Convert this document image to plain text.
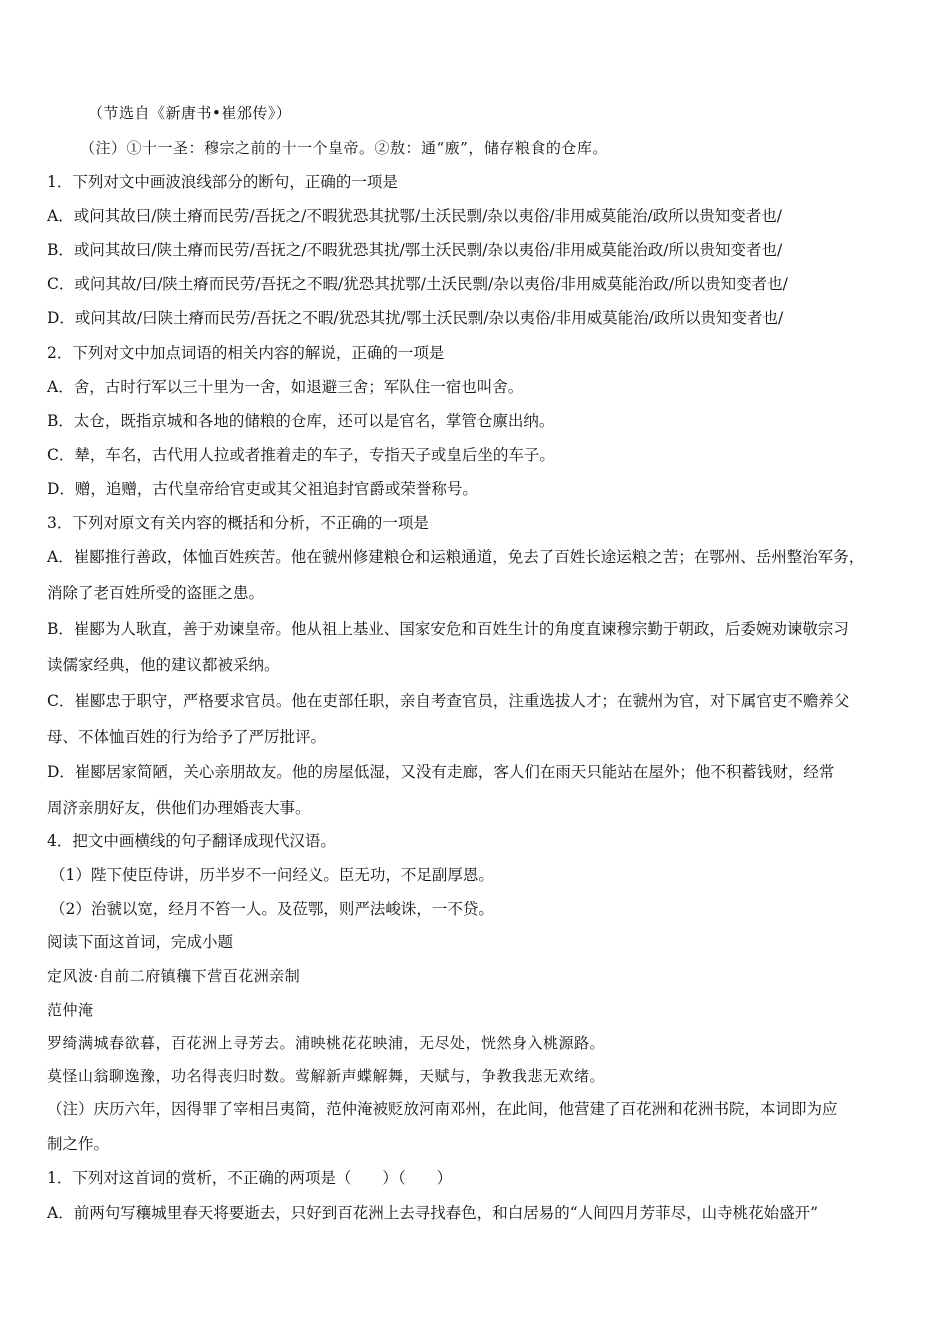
（节选自《新唐书•崔邠传》）
（注）①十一圣：穆宗之前的十一个皇帝。②敖：通“廒”，储存粮食的仓库。
1．下列对文中画波浪线部分的断句，正确的一项是
A．或问其故曰/陕土瘠而民劳/吾抚之/不暇犹恐其扰鄂/土沃民剽/杂以夷俗/非用威莫能治/政所以贵知变者也/
B．或问其故曰/陕土瘠而民劳/吾抚之/不暇犹恐其扰/鄂土沃民剽/杂以夷俗/非用威莫能治政/所以贵知变者也/
C．或问其故/曰/陕土瘠而民劳/吾抚之不暇/犹恐其扰鄂/土沃民剽/杂以夷俗/非用威莫能治政/所以贵知变者也/
D．或问其故/曰陕土瘠而民劳/吾抚之不暇/犹恐其扰/鄂土沃民剽/杂以夷俗/非用威莫能治/政所以贵知变者也/
2．下列对文中加点词语的相关内容的解说，正确的一项是
A．舍，古时行军以三十里为一舍，如退避三舍；军队住一宿也叫舍。
B．太仓，既指京城和各地的储粮的仓库，还可以是官名，掌管仓廪出纳。
C．辇，车名，古代用人拉或者推着走的车子，专指天子或皇后坐的车子。
D．赠，追赠，古代皇帝给官吏或其父祖追封官爵或荣誉称号。
3．下列对原文有关内容的概括和分析，不正确的一项是
A．崔郾推行善政，体恤百姓疾苦。他在虢州修建粮仓和运粮通道，免去了百姓长途运粮之苦；在鄂州、岳州整治军务，
消除了老百姓所受的盗匪之患。
B．崔郾为人耿直，善于劝谏皇帝。他从祖上基业、国家安危和百姓生计的角度直谏穆宗勤于朝政，后委婉劝谏敬宗习
读儒家经典，他的建议都被采纳。
C．崔郾忠于职守，严格要求官员。他在吏部任职，亲自考查官员，注重选拔人才；在虢州为官，对下属官吏不赡养父
母、不体恤百姓的行为给予了严厉批评。
D．崔郾居家简陋，关心亲朋故友。他的房屋低湿，又没有走廊，客人们在雨天只能站在屋外；他不积蓄钱财，经常
周济亲朋好友，供他们办理婚丧大事。
4．把文中画横线的句子翻译成现代汉语。
（1）陛下使臣侍讲，历半岁不一问经义。臣无功，不足副厚恩。
（2）治虢以宽，经月不笞一人。及莅鄂，则严法峻诛，一不贷。
阅读下面这首词，完成小题
定风波·自前二府镇穰下营百花洲亲制
范仲淹
罗绮满城春欲暮，百花洲上寻芳去。浦映桃花花映浦，无尽处，恍然身入桃源路。
莫怪山翁聊逸豫，功名得丧归时数。莺解新声蝶解舞，天赋与，争教我悲无欢绪。
（注）庆历六年，因得罪了宰相吕夷简，范仲淹被贬放河南邓州，在此间，他营建了百花洲和花洲书院，本词即为应
制之作。
1．下列对这首词的赏析，不正确的两项是（　　）（　　）
A．前两句写穰城里春天将要逝去，只好到百花洲上去寻找春色，和白居易的“人间四月芳菲尽，山寺桃花始盛开”
